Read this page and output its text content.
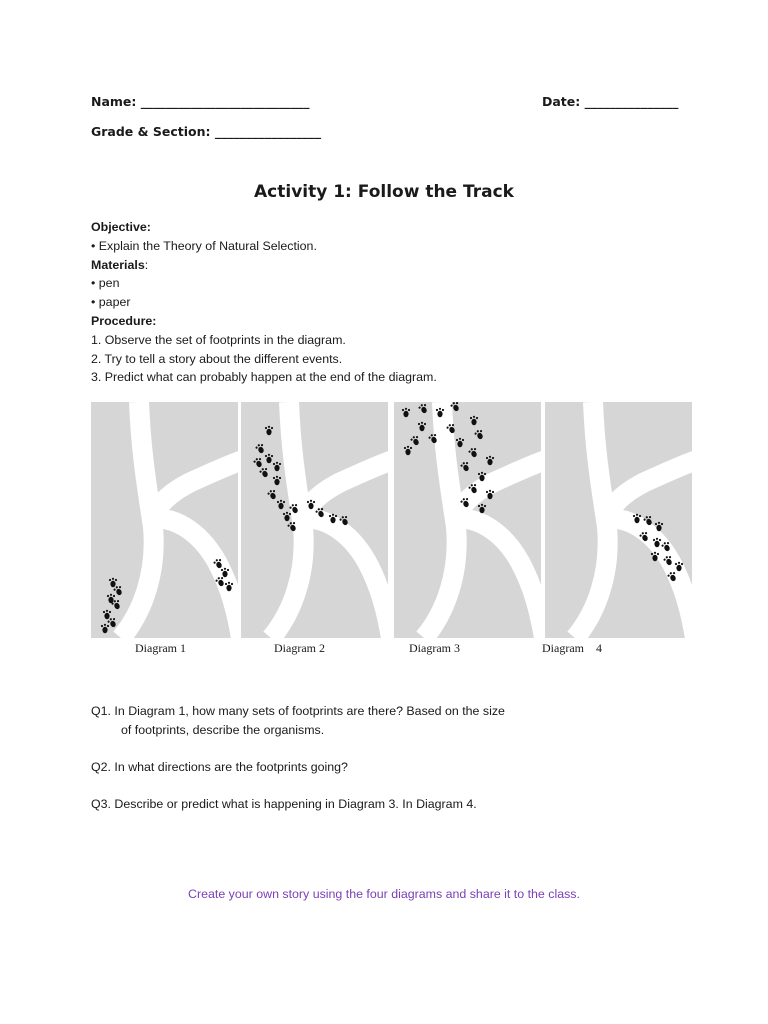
Name: ___________________________	Date: _______________
Grade & Section: _________________
Activity 1: Follow the Track
Objective:
• Explain the Theory of Natural Selection.
Materials:
• pen
• paper
Procedure:
1. Observe the set of footprints in the diagram.
2. Try to tell a story about the different events.
3. Predict what can probably happen at the end of the diagram.
Diagram 1	Diagram 2	Diagram 3	Diagram    4

Q1. In Diagram 1, how many sets of footprints are there? Based on the size
of footprints, describe the organisms.

Q2. In what directions are the footprints going?

Q3. Describe or predict what is happening in Diagram 3. In Diagram 4.

Create your own story using the four diagrams and share it to the class.
